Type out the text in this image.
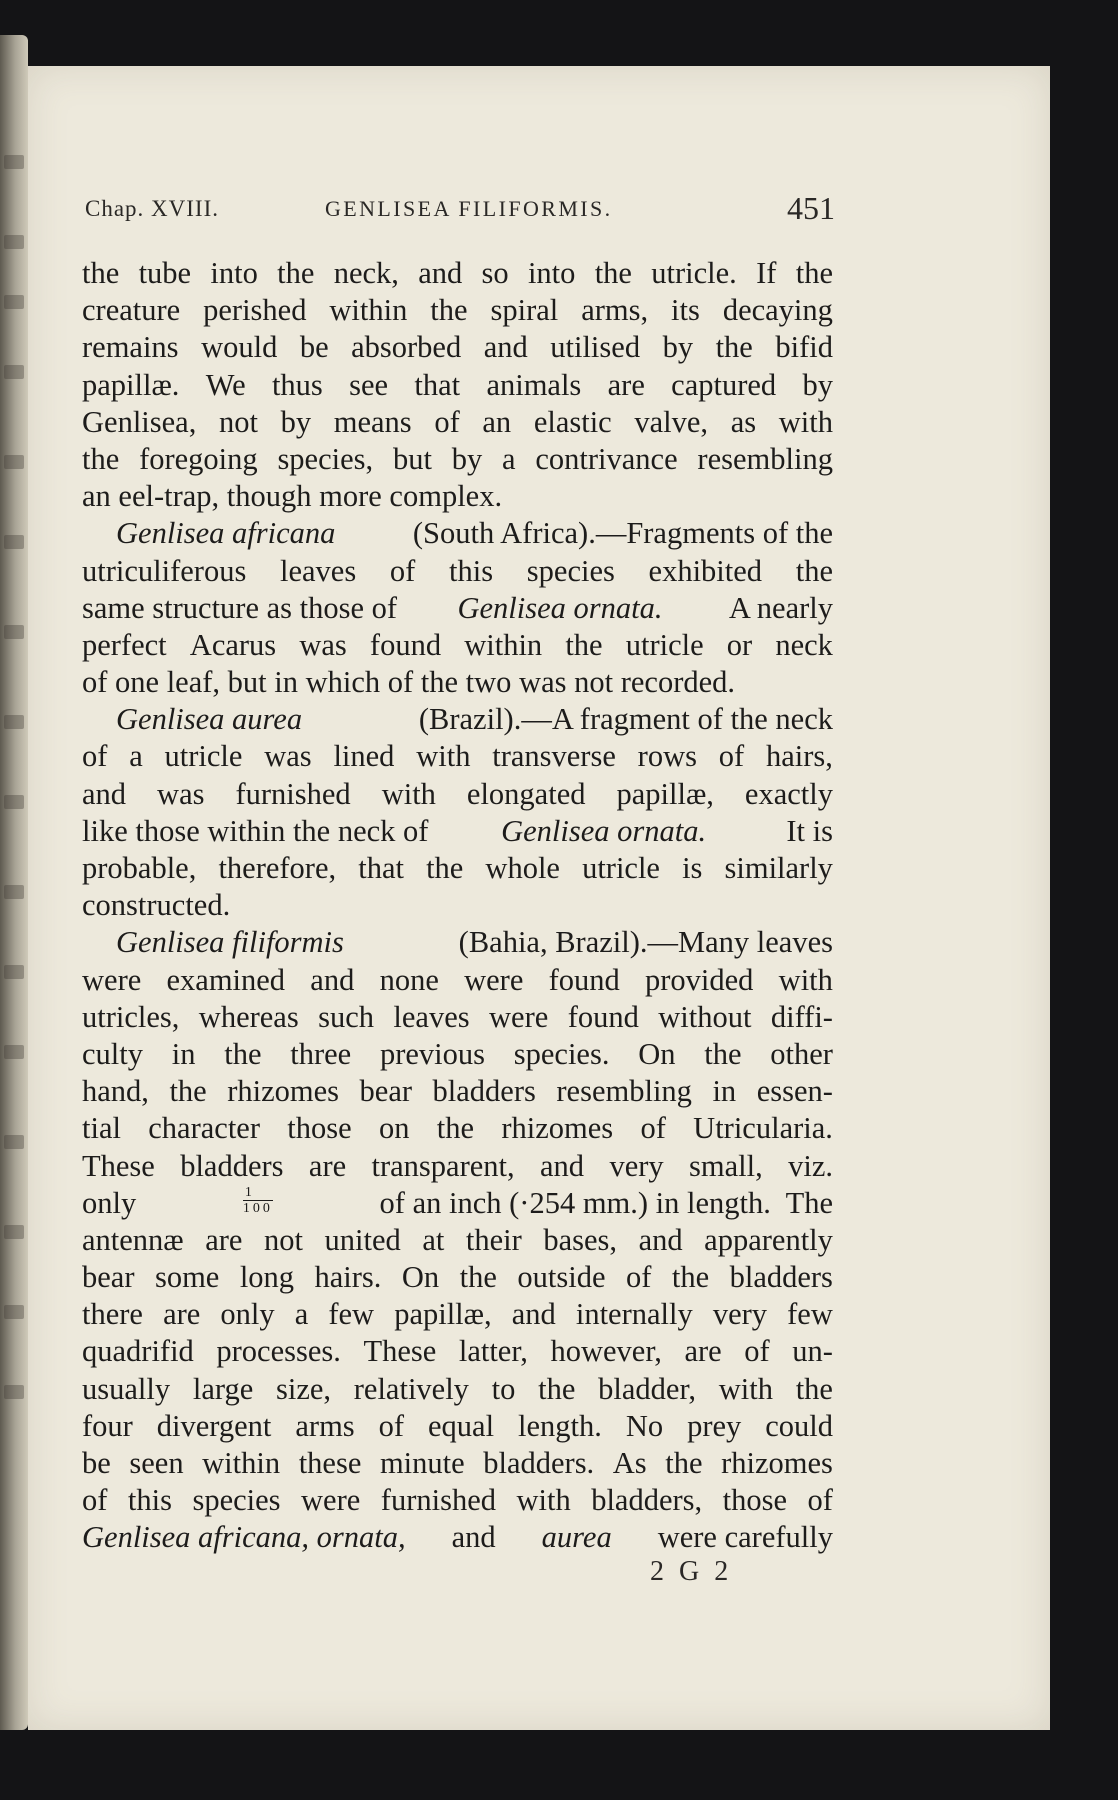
Chap. XVIII.	GENLISEA FILIFORMIS.	451
the tube into the neck, and so into the utricle. If the
creature perished within the spiral arms, its decaying
remains would be absorbed and utilised by the bifid
papillæ. We thus see that animals are captured by
Genlisea, not by means of an elastic valve, as with
the foregoing species, but by a contrivance resembling
an eel-trap, though more complex.
Genlisea africana (South Africa).—Fragments of the
utriculiferous leaves of this species exhibited the
same structure as those of Genlisea ornata. A nearly
perfect Acarus was found within the utricle or neck
of one leaf, but in which of the two was not recorded.
Genlisea aurea	(Brazil).—A fragment of the neck
of a utricle was lined with transverse rows of hairs,
and was furnished with elongated papillæ, exactly
like those within the neck of Genlisea ornata. It is
probable, therefore, that the whole utricle is similarly
constructed.
Genlisea filiformis	(Bahia, Brazil).—Many leaves
were examined and none were found provided with
utricles, whereas such leaves were found without diffi-
culty in the three previous species. On the other
hand, the rhizomes bear bladders resembling in essen-
tial character those on the rhizomes of Utricularia.
These bladders are transparent, and very small, viz.
only	$\frac{1}{100}$	of an inch (·254 mm.) in length.  The
antennæ are not united at their bases, and apparently
bear some long hairs. On the outside of the bladders
there are only a few papillæ, and internally very few
quadrifid processes. These latter, however, are of un-
usually large size, relatively to the bladder, with the
four divergent arms of equal length. No prey could
be seen within these minute bladders. As the rhizomes
of this species were furnished with bladders, those of
Genlisea africana, ornata, and aurea were carefully
2 G 2
